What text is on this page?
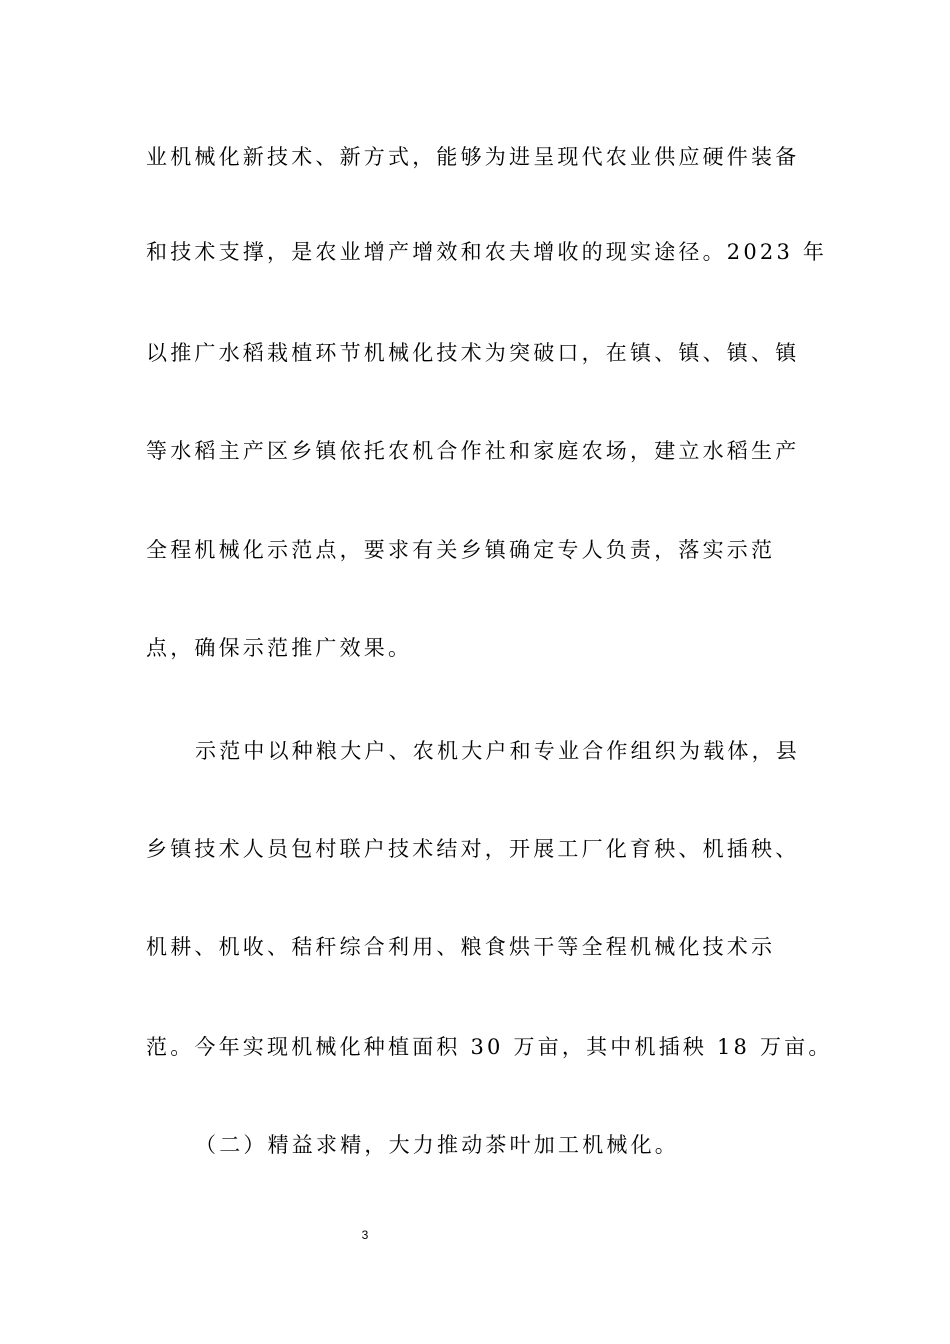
业机械化新技术、新方式，能够为进呈现代农业供应硬件装备
和技术支撑，是农业增产增效和农夫增收的现实途径。2023 年
以推广水稻栽植环节机械化技术为突破口，在镇、镇、镇、镇
等水稻主产区乡镇依托农机合作社和家庭农场，建立水稻生产
全程机械化示范点，要求有关乡镇确定专人负责，落实示范
点，确保示范推广效果。
示范中以种粮大户、农机大户和专业合作组织为载体，县
乡镇技术人员包村联户技术结对，开展工厂化育秧、机插秧、
机耕、机收、秸秆综合利用、粮食烘干等全程机械化技术示
范。今年实现机械化种植面积 30 万亩，其中机插秧 18 万亩。
（二）精益求精，大力推动茶叶加工机械化。
3
